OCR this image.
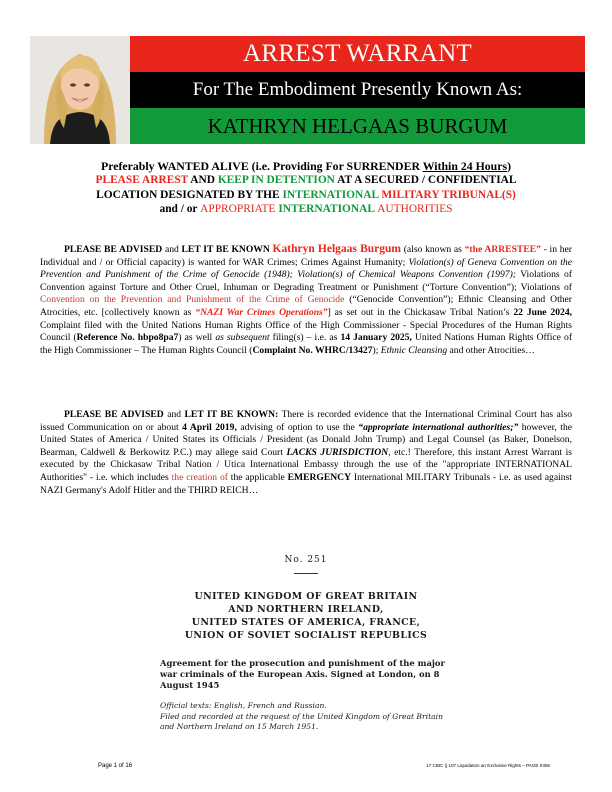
ARREST WARRANT
For The Embodiment Presently Known As:
KATHRYN HELGAAS BURGUM
Preferably WANTED ALIVE (i.e. Providing For SURRENDER Within 24 Hours)
PLEASE ARREST AND KEEP IN DETENTION AT A SECURED / CONFIDENTIAL
LOCATION DESIGNATED BY THE INTERNATIONAL MILITARY TRIBUNAL(S)
and / or APPROPRIATE INTERNATIONAL AUTHORITIES
PLEASE BE ADVISED and LET IT BE KNOWN Kathryn Helgaas Burgum (also known as “the ARRESTEE” - in her Individual and / or Official capacity) is wanted for WAR Crimes; Crimes Against Humanity; Violation(s) of Geneva Convention on the Prevention and Punishment of the Crime of Genocide (1948); Violation(s) of Chemical Weapons Convention (1997); Violations of Convention against Torture and Other Cruel, Inhuman or Degrading Treatment or Punishment (“Torture Convention”); Violations of Convention on the Prevention and Punishment of the Crime of Genocide (“Genocide Convention”); Ethnic Cleansing and Other Atrocities, etc. [collectively known as “NAZI War Crimes Operations”] as set out in the Chickasaw Tribal Nation’s 22 June 2024, Complaint filed with the United Nations Human Rights Office of the High Commissioner - Special Procedures of the Human Rights Council (Reference No. hbpo8pa7) as well as subsequent filing(s) – i.e. as 14 January 2025, United Nations Human Rights Office of the High Commissioner – The Human Rights Council (Complaint No. WHRC/13427); Ethnic Cleansing and other Atrocities…
PLEASE BE ADVISED and LET IT BE KNOWN: There is recorded evidence that the International Criminal Court has also issued Communication on or about 4 April 2019, advising of option to use the “appropriate international authorities;” however, the United States of America / United States its Officials / President (as Donald John Trump) and Legal Counsel (as Baker, Donelson, Bearman, Caldwell & Berkowitz P.C.) may allege said Court LACKS JURISDICTION, etc.! Therefore, this instant Arrest Warrant is executed by the Chickasaw Tribal Nation / Utica International Embassy through the use of the "appropriate INTERNATIONAL Authorities" - i.e. which includes the creation of the applicable EMERGENCY International MILITARY Tribunals - i.e. as used against NAZI Germany's Adolf Hitler and the THIRD REICH…
No. 251
UNITED KINGDOM OF GREAT BRITAIN
AND NORTHERN IRELAND,
UNITED STATES OF AMERICA, FRANCE,
UNION OF SOVIET SOCIALIST REPUBLICS
Agreement for the prosecution and punishment of the major war criminals of the European Axis. Signed at London, on 8 August 1945
Official texts: English, French and Russian.
Filed and recorded at the request of the United Kingdom of Great Britain and Northern Ireland on 15 March 1951.
Page 1 of 16	17 CBIC || 107 Liquidation an Exclusive Rights – PAGE 0306
